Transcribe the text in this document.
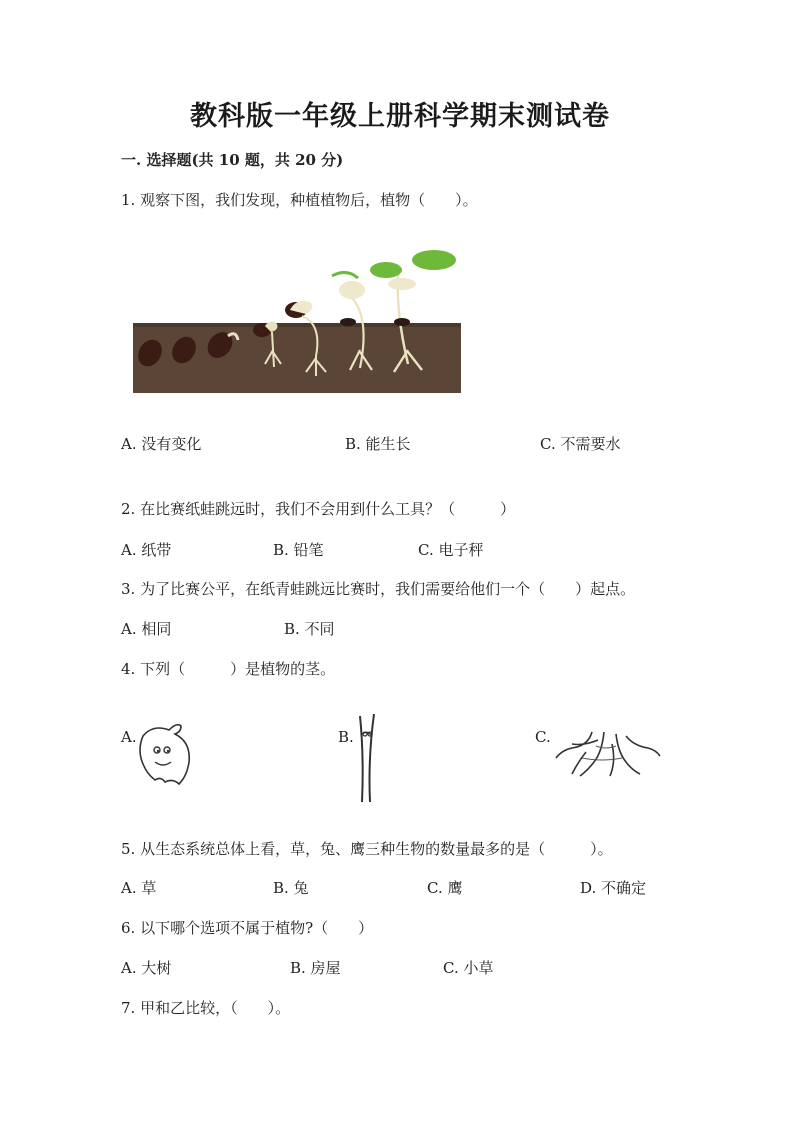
教科版一年级上册科学期末测试卷
一. 选择题(共 10 题，共 20 分)
1. 观察下图，我们发现，种植植物后，植物（　　）。
A. 没有变化	B. 能生长	C. 不需要水
2. 在比赛纸蛙跳远时，我们不会用到什么工具？（　　　）
A. 纸带	B. 铅笔	C. 电子秤
3. 为了比赛公平，在纸青蛙跳远比赛时，我们需要给他们一个（　　）起点。
A. 相同	B. 不同
4. 下列（　　　）是植物的茎。
A.	B.	C.
5. 从生态系统总体上看，草，兔、鹰三种生物的数量最多的是（　　　）。
A. 草	B. 兔	C. 鹰	D. 不确定
6. 以下哪个选项不属于植物?（　　）
A. 大树	B. 房屋	C. 小草
7. 甲和乙比较，（　　）。
